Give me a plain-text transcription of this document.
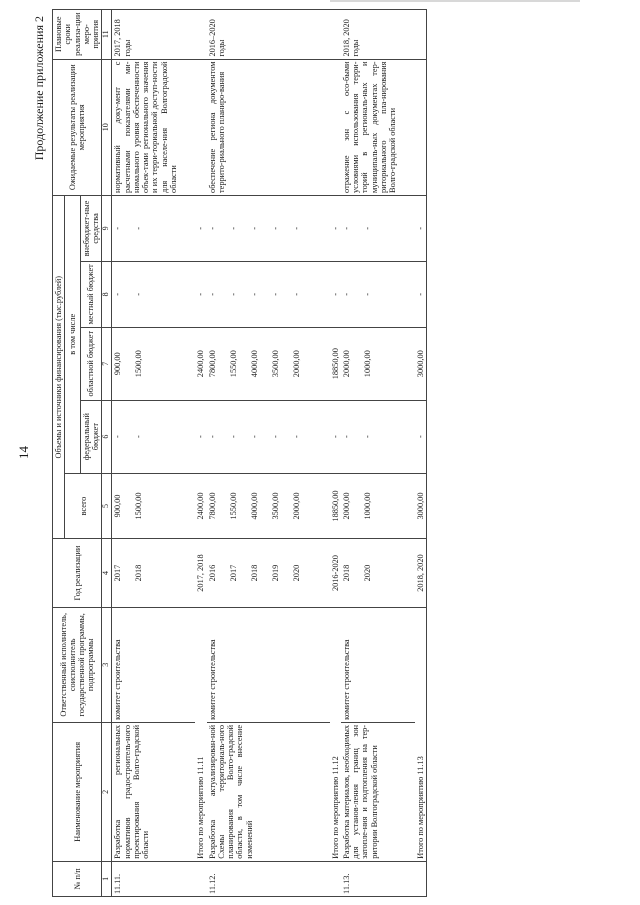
14
Продолжение приложения 2
№ п/п	Наименование мероприятия	Ответственный исполнитель, соисполнитель государственной программы, подпрограммы	Год реализации	Объемы и источники финансирования (тыс.рублей)					Ожидаемые результаты реализации мероприятия	Плановые сроки реализа-ции меро-приятия
				всего	в том числе					
					федеральный бюджет	областной бюджет	местный бюджет	внебюджет-ные средства		
1	2	3	4	5	6	7	8	9	10	11
11.11.	Разработка региональных нормативов градостроитель-ного проектирования Волго-градской области	комитет строительства	2017 2018	900,00 1500,00	- -	900,00 1500,00	- -	- -	нормативный доку-мент с расчетными показателями ми-нимального уровня обеспеченности объек-тами регионального значения и их терри-ториальной доступ-ности для населе-ния Волгоградской области	2017, 2018 годы

	Итого по мероприятию 11.11		2017, 2018	2400,00	-	2400,00	-	-		
11.12.	Разработка актуализирован-ной Схемы территориаль-ного планирования Волго-градской области, в том числе внесение изменений	комитет строительства	2016 2017 2018 2019 2020	7800,00 1550,00 4000,00 3500,00 2000,00	- - - - -	7800,00 1550,00 4000,00 3500,00 2000,00	- - - - -	- - - - -	обеспечение региона документом террито-риального планиро-вания	2016–2020 годы

	Итого по мероприятию 11.12		2016-2020	18850,00	-	18850,00	-	-		
11.13.	Разработка материалов, необходимых для установ-ления границ зон затопле-ния и подтопления на тер-ритории Волгоградской области	комитет строительства	2018 2020	2000,00 1000,00	- -	2000,00 1000,00	- -	- -	отражение зон с осо-быми условиями использования терри-торий в региональ-ных и муниципаль-ных документах тер-риториального пла-нирования Волго-градской области	2018, 2020 годы

	Итого по мероприятию 11.13		2018, 2020	3000,00	-	3000,00	-	-		
